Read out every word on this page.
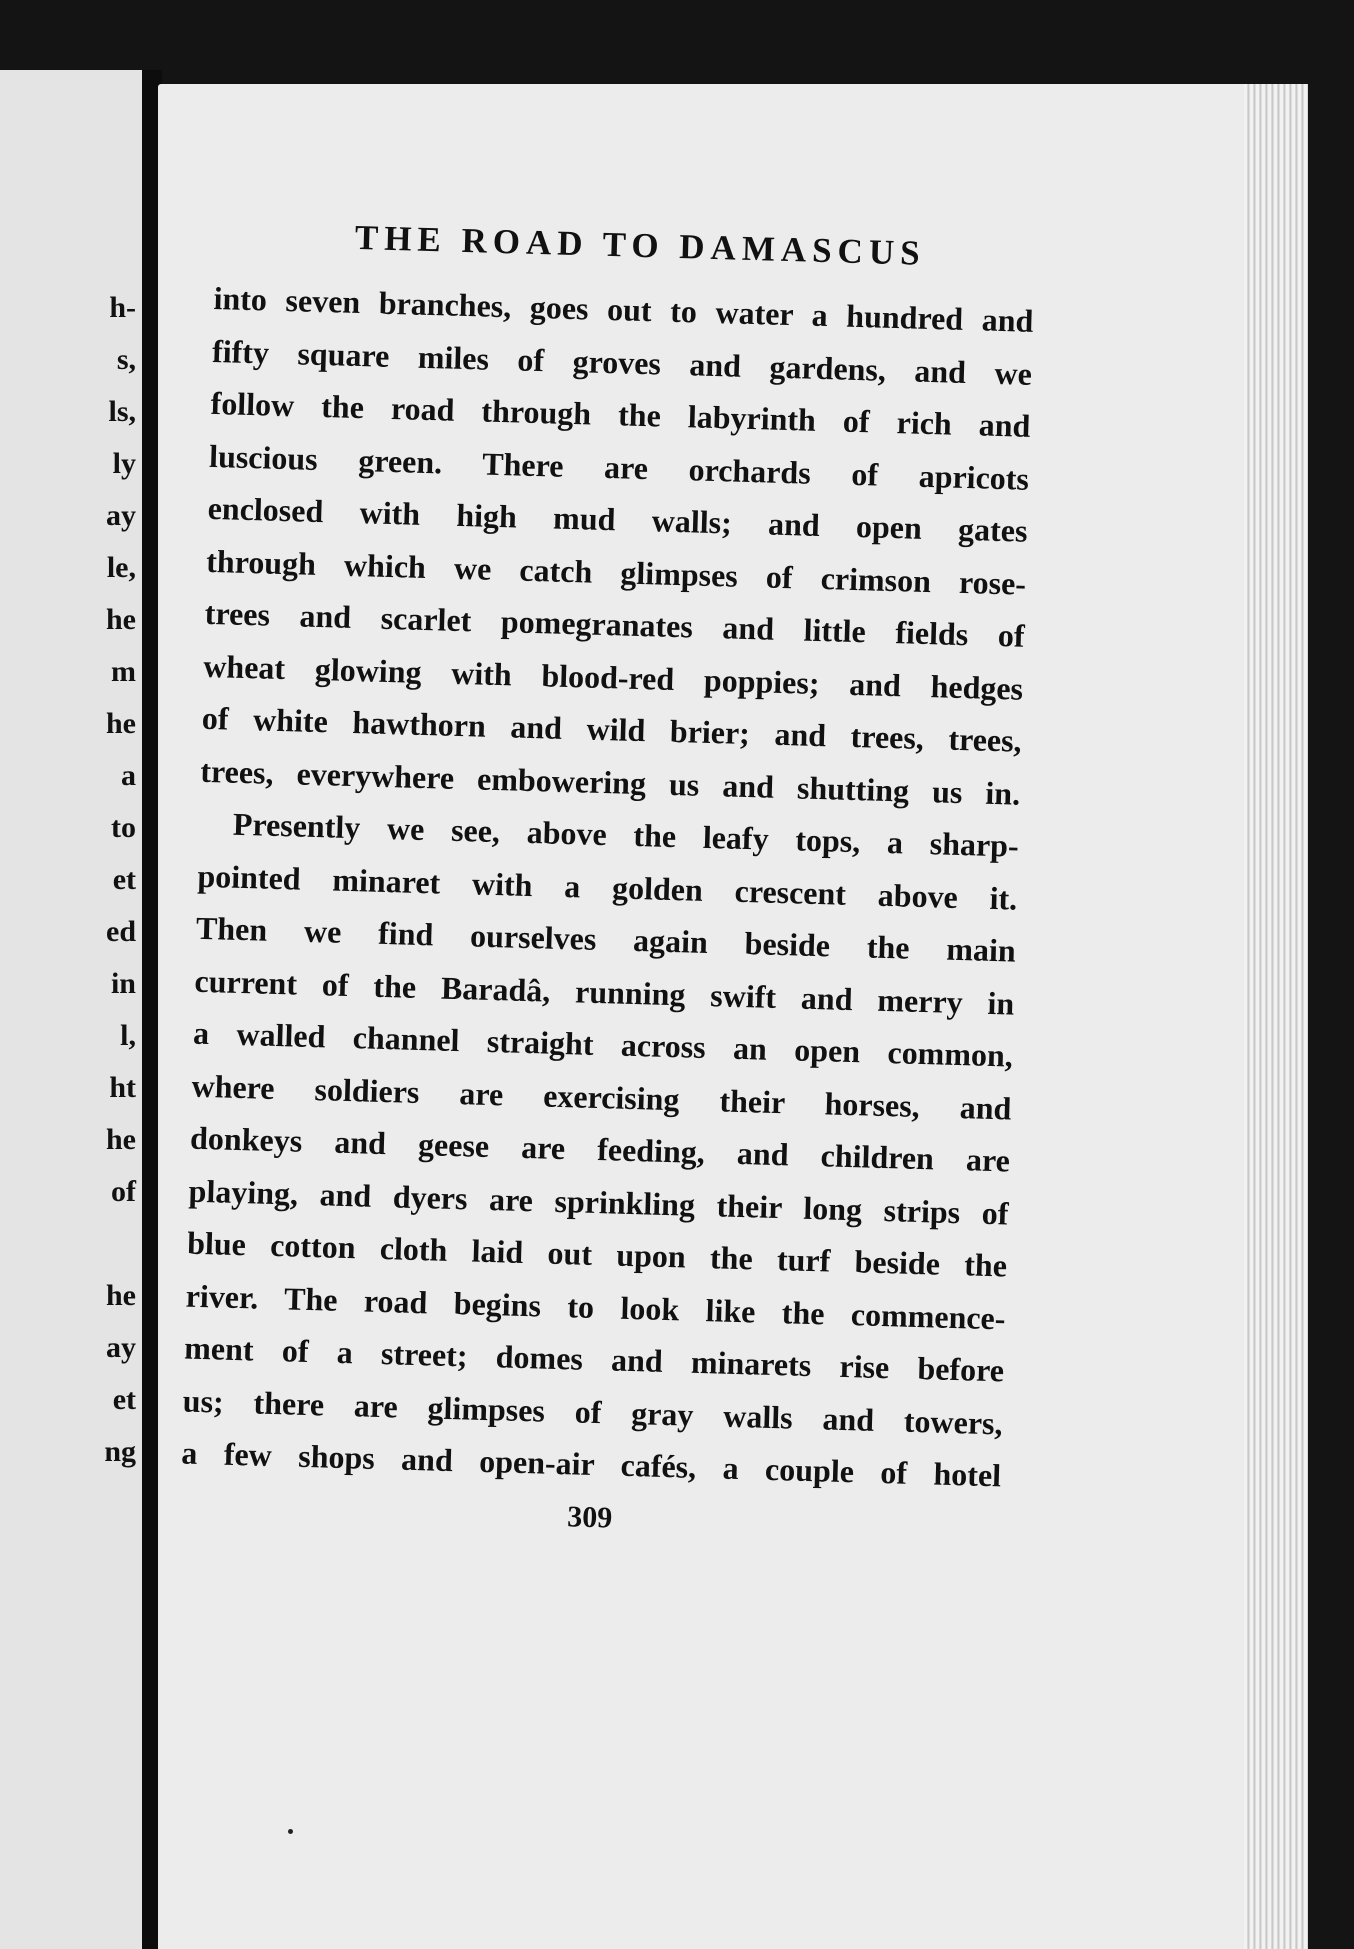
h-
s,
ls,
ly
ay
le,
he
m
he
a
to
et
ed
in
l,
ht
he
of
he
ay
et
ng
THE ROAD TO DAMASCUS

into seven branches, goes out to water a hundred and
fifty square miles of groves and gardens, and we
follow the road through the labyrinth of rich and
luscious green. There are orchards of apricots
enclosed with high mud walls; and open gates
through which we catch glimpses of crimson rose-
trees and scarlet pomegranates and little fields of
wheat glowing with blood-red poppies; and hedges
of white hawthorn and wild brier; and trees, trees,
trees, everywhere embowering us and shutting us in.

Presently we see, above the leafy tops, a sharp-
pointed minaret with a golden crescent above it.
Then we find ourselves again beside the main
current of the Baradâ, running swift and merry in
a walled channel straight across an open common,
where soldiers are exercising their horses, and
donkeys and geese are feeding, and children are
playing, and dyers are sprinkling their long strips of
blue cotton cloth laid out upon the turf beside the
river. The road begins to look like the commence-
ment of a street; domes and minarets rise before
us; there are glimpses of gray walls and towers,
a few shops and open-air cafés, a couple of hotel

309
